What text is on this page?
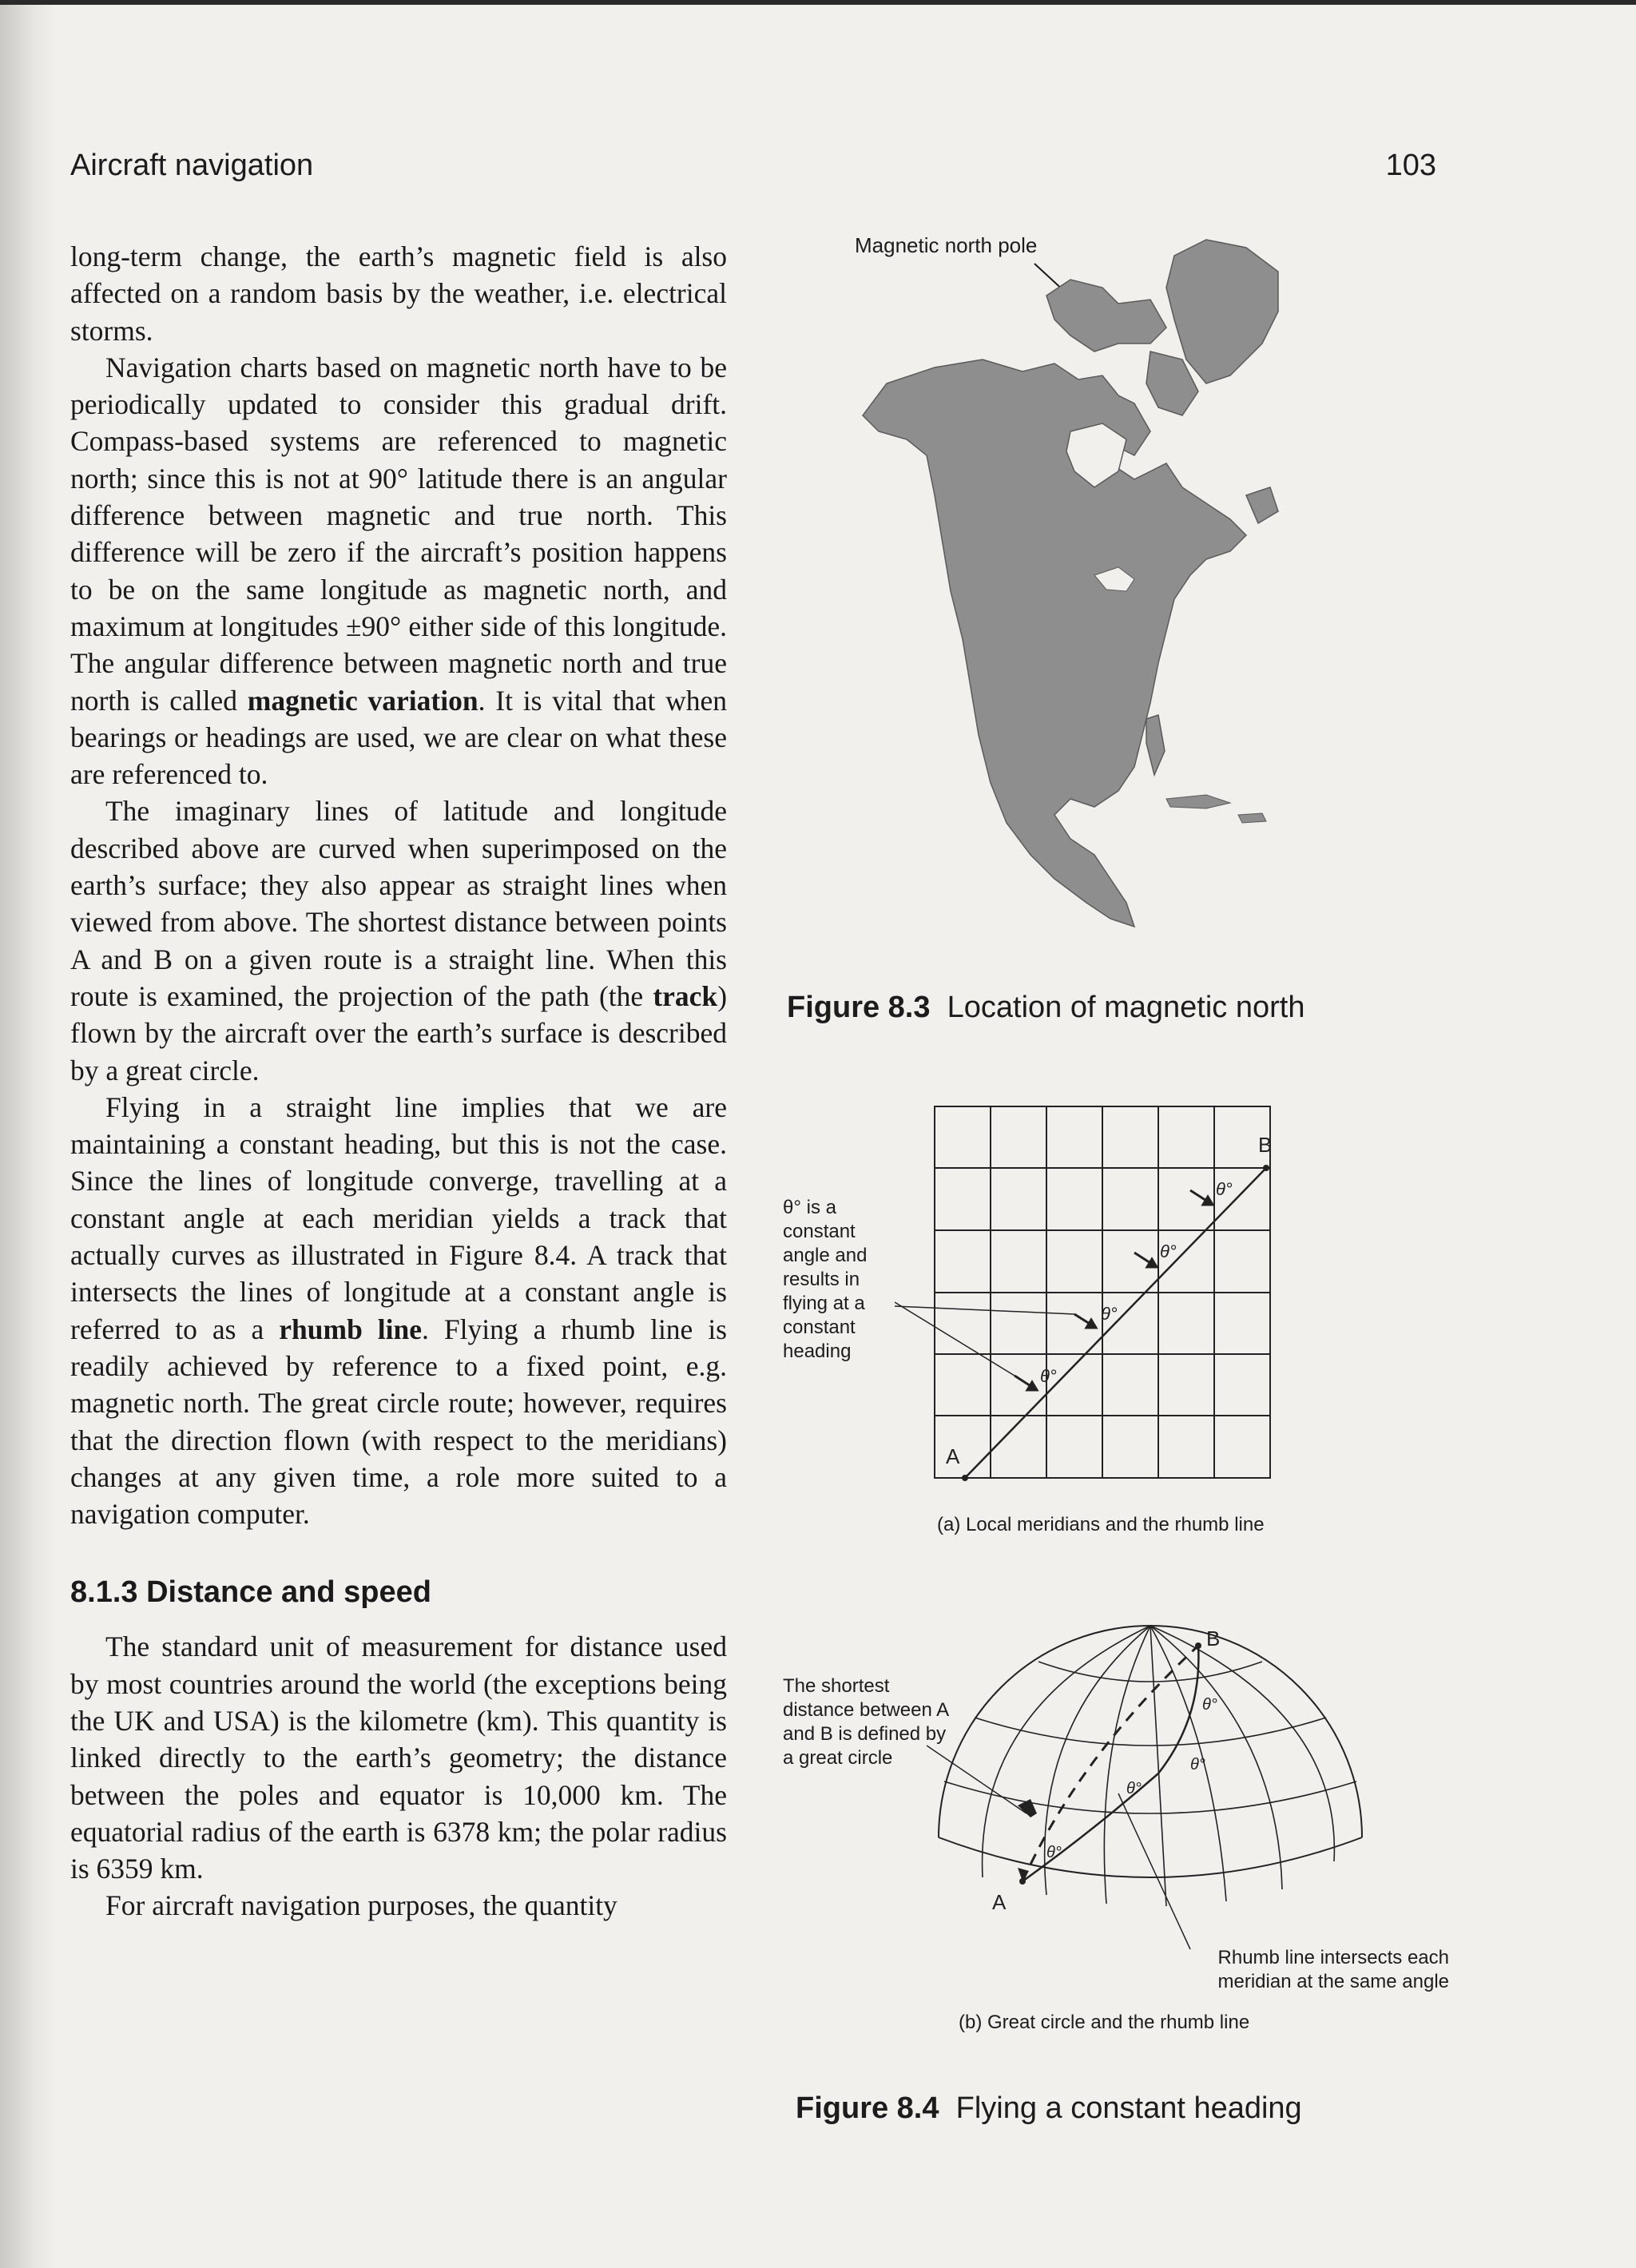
Aircraft navigation	103

long-term change, the earth’s magnetic field is also affected on a random basis by the weather, i.e. electrical storms.

Navigation charts based on magnetic north have to be periodically updated to consider this gradual drift. Compass-based systems are referenced to magnetic north; since this is not at 90° latitude there is an angular difference between magnetic and true north. This difference will be zero if the aircraft’s position happens to be on the same longitude as magnetic north, and maximum at longitudes ±90° either side of this longitude. The angular difference between magnetic north and true north is called magnetic variation. It is vital that when bearings or headings are used, we are clear on what these are referenced to.

The imaginary lines of latitude and longitude described above are curved when superimposed on the earth’s surface; they also appear as straight lines when viewed from above. The shortest distance between points A and B on a given route is a straight line. When this route is examined, the projection of the path (the track) flown by the aircraft over the earth’s surface is described by a great circle.

Flying in a straight line implies that we are maintaining a constant heading, but this is not the case. Since the lines of longitude converge, travelling at a constant angle at each meridian yields a track that actually curves as illustrated in Figure 8.4. A track that intersects the lines of longitude at a constant angle is referred to as a rhumb line. Flying a rhumb line is readily achieved by reference to a fixed point, e.g. magnetic north. The great circle route; however, requires that the direction flown (with respect to the meridians) changes at any given time, a role more suited to a navigation computer.

8.1.3 Distance and speed

The standard unit of measurement for distance used by most countries around the world (the exceptions being the UK and USA) is the kilometre (km). This quantity is linked directly to the earth’s geometry; the distance between the poles and equator is 10,000 km. The equatorial radius of the earth is 6378 km; the polar radius is 6359 km.

For aircraft navigation purposes, the quantity

Magnetic north pole
Figure 8.3 Location of magnetic north
θ° is a constant angle and results in flying at a constant heading
A
B
θ°
θ°
θ°
θ°
(a) Local meridians and the rhumb line
The shortest distance between A and B is defined by a great circle
Rhumb line intersects each meridian at the same angle
A
B
θ°
θ°
θ°
θ°
(b) Great circle and the rhumb line
Figure 8.4 Flying a constant heading
